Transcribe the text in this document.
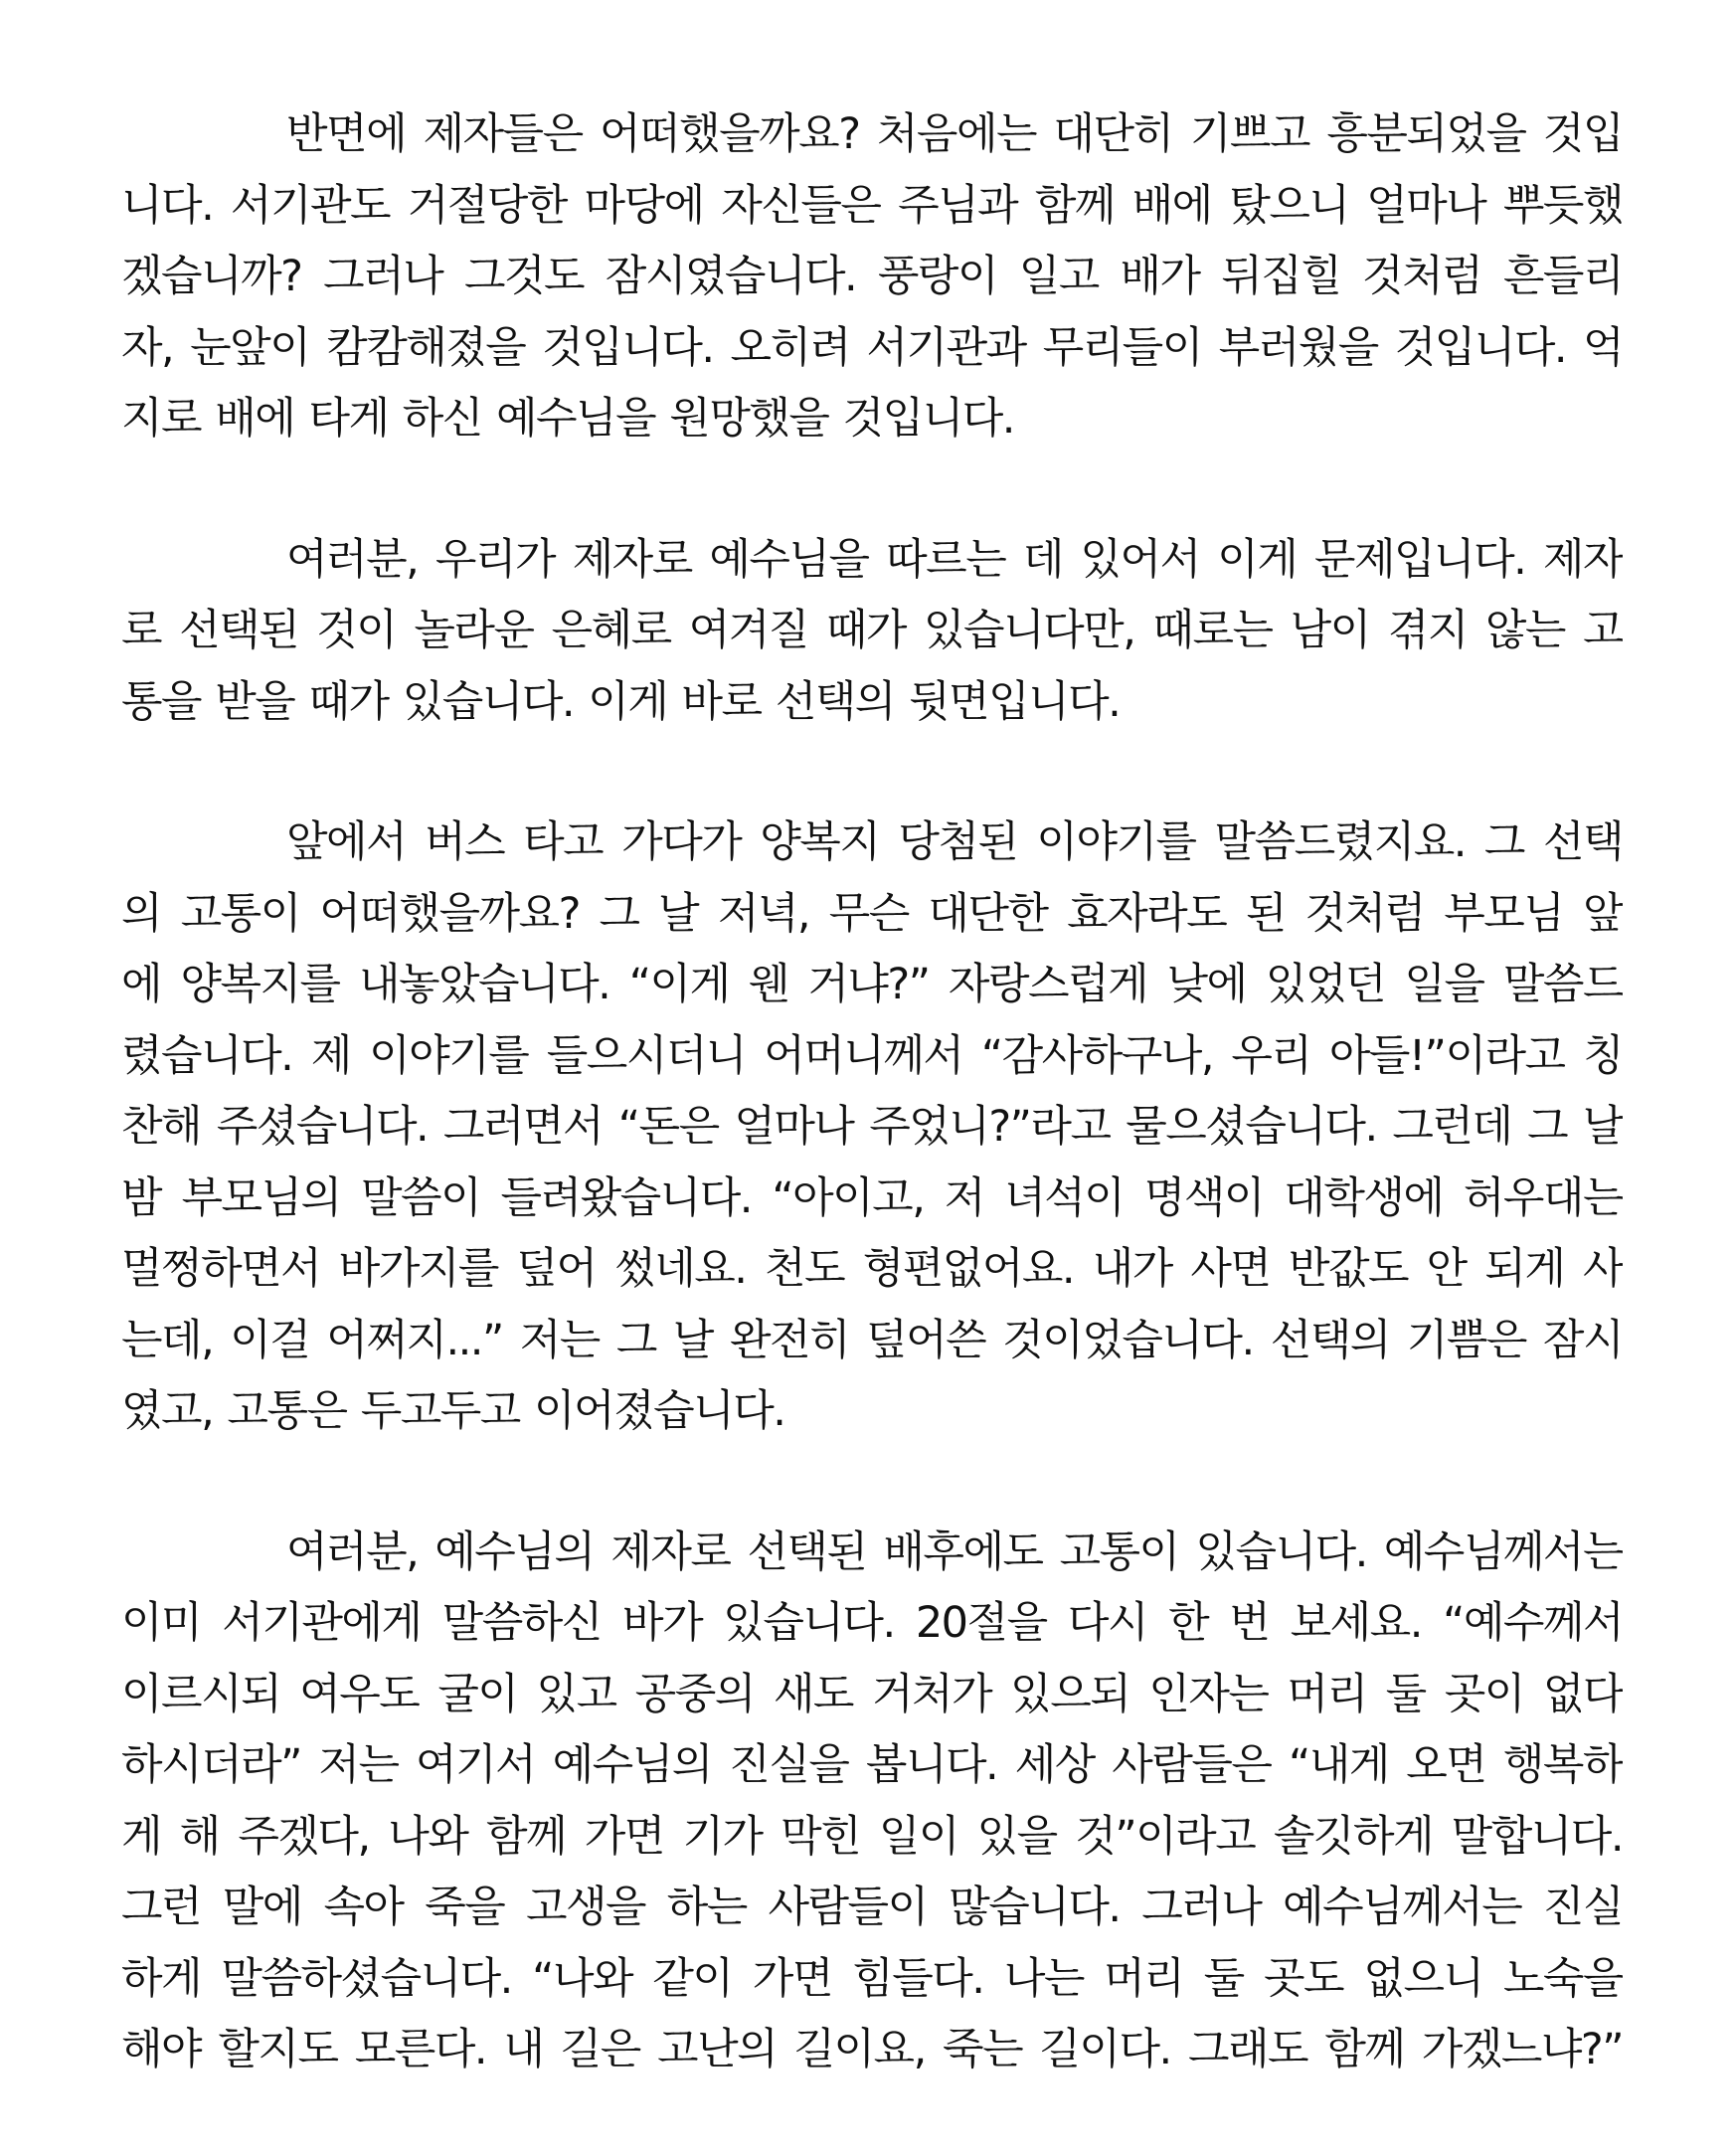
반면에 제자들은 어떠했을까요? 처음에는 대단히 기쁘고 흥분되었을 것입
니다. 서기관도 거절당한 마당에 자신들은 주님과 함께 배에 탔으니 얼마나 뿌듯했
겠습니까? 그러나 그것도 잠시였습니다. 풍랑이 일고 배가 뒤집힐 것처럼 흔들리
자, 눈앞이 캄캄해졌을 것입니다. 오히려 서기관과 무리들이 부러웠을 것입니다. 억
지로 배에 타게 하신 예수님을 원망했을 것입니다.
여러분, 우리가 제자로 예수님을 따르는 데 있어서 이게 문제입니다. 제자
로 선택된 것이 놀라운 은혜로 여겨질 때가 있습니다만, 때로는 남이 겪지 않는 고
통을 받을 때가 있습니다. 이게 바로 선택의 뒷면입니다.
앞에서 버스 타고 가다가 양복지 당첨된 이야기를 말씀드렸지요. 그 선택
의 고통이 어떠했을까요? 그 날 저녁, 무슨 대단한 효자라도 된 것처럼 부모님 앞
에 양복지를 내놓았습니다. “이게 웬 거냐?” 자랑스럽게 낮에 있었던 일을 말씀드
렸습니다. 제 이야기를 들으시더니 어머니께서 “감사하구나, 우리 아들!”이라고 칭
찬해 주셨습니다. 그러면서 “돈은 얼마나 주었니?”라고 물으셨습니다. 그런데 그 날
밤 부모님의 말씀이 들려왔습니다. “아이고, 저 녀석이 명색이 대학생에 허우대는
멀쩡하면서 바가지를 덮어 썼네요. 천도 형편없어요. 내가 사면 반값도 안 되게 사
는데, 이걸 어쩌지...” 저는 그 날 완전히 덮어쓴 것이었습니다. 선택의 기쁨은 잠시
였고, 고통은 두고두고 이어졌습니다.
여러분, 예수님의 제자로 선택된 배후에도 고통이 있습니다. 예수님께서는
이미 서기관에게 말씀하신 바가 있습니다. 20절을 다시 한 번 보세요. “예수께서
이르시되 여우도 굴이 있고 공중의 새도 거처가 있으되 인자는 머리 둘 곳이 없다
하시더라” 저는 여기서 예수님의 진실을 봅니다. 세상 사람들은 “내게 오면 행복하
게 해 주겠다, 나와 함께 가면 기가 막힌 일이 있을 것”이라고 솔깃하게 말합니다.
그런 말에 속아 죽을 고생을 하는 사람들이 많습니다. 그러나 예수님께서는 진실
하게 말씀하셨습니다. “나와 같이 가면 힘들다. 나는 머리 둘 곳도 없으니 노숙을
해야 할지도 모른다. 내 길은 고난의 길이요, 죽는 길이다. 그래도 함께 가겠느냐?”
